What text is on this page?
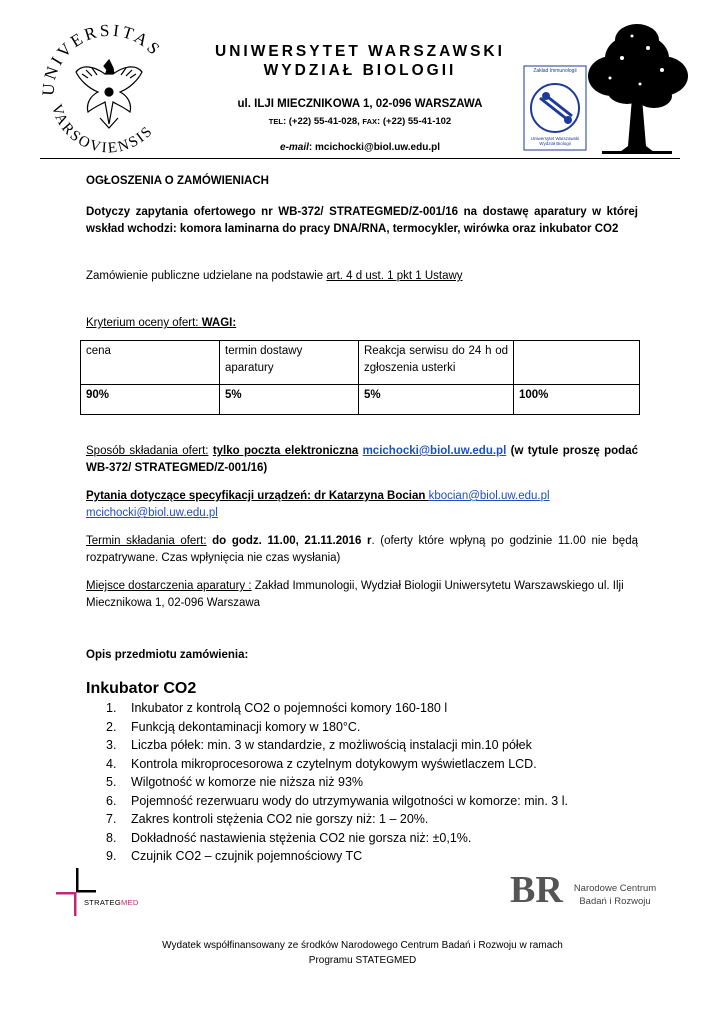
UNIVERSITAS
VARSOVIENSIS
UNIWERSYTET WARSZAWSKI
WYDZIAŁ BIOLOGII
ul. ILJI MIECZNIKOWA 1, 02-096 WARSZAWA
TEL: (+22) 55-41-028, FAX: (+22) 55-41-102
e-mail: mcichocki@biol.uw.edu.pl
Zakład Immunologii
Uniwersytet Warszawski Wydział Biologii
OGŁOSZENIA O ZAMÓWIENIACH
Dotyczy zapytania ofertowego nr WB-372/ STRATEGMED/Z-001/16 na dostawę aparatury w której wskład wchodzi: komora laminarna do pracy DNA/RNA, termocykler, wirówka oraz inkubator CO2
Zamówienie publiczne udzielane na podstawie art. 4 d ust. 1 pkt 1 Ustawy
Kryterium oceny ofert: WAGI:
cena	termin dostawy aparatury	Reakcja serwisu do 24 h od zgłoszenia usterki	
90%	5%	5%	100%
Sposób składania ofert: tylko poczta elektroniczna mcichocki@biol.uw.edu.pl (w tytule proszę podać WB-372/ STRATEGMED/Z-001/16)
Pytania dotyczące specyfikacji urządzeń: dr Katarzyna Bocian kbocian@biol.uw.edu.pl
mcichocki@biol.uw.edu.pl
Termin składania ofert: do godz. 11.00, 21.11.2016 r. (oferty które wpłyną po godzinie 11.00 nie będą rozpatrywane. Czas wpłynięcia nie czas wysłania)
Miejsce dostarczenia aparatury : Zakład Immunologii, Wydział Biologii Uniwersytetu Warszawskiego ul. Ilji Miecznikowa 1, 02-096 Warszawa
Opis przedmiotu zamówienia:
Inkubator CO2
1. Inkubator z kontrolą CO2 o pojemności komory 160-180 l
2. Funkcją dekontaminacji komory w 180°C.
3. Liczba półek: min. 3 w standardzie, z możliwością instalacji min.10 półek
4. Kontrola mikroprocesorowa z czytelnym dotykowym wyświetlaczem LCD.
5. Wilgotność w komorze nie niższa niż 93%
6. Pojemność rezerwuaru wody do utrzymywania wilgotności w komorze: min. 3 l.
7. Zakres kontroli stężenia CO2 nie gorszy niż: 1 – 20%.
8. Dokładność nastawienia stężenia CO2 nie gorsza niż: ±0,1%.
9. Czujnik CO2 – czujnik pojemnościowy TC
STRATEGMED	BR	Narodowe Centrum
Badań i Rozwoju
Wydatek współfinansowany ze środków Narodowego Centrum Badań i Rozwoju w ramach
Programu STATEGMED
